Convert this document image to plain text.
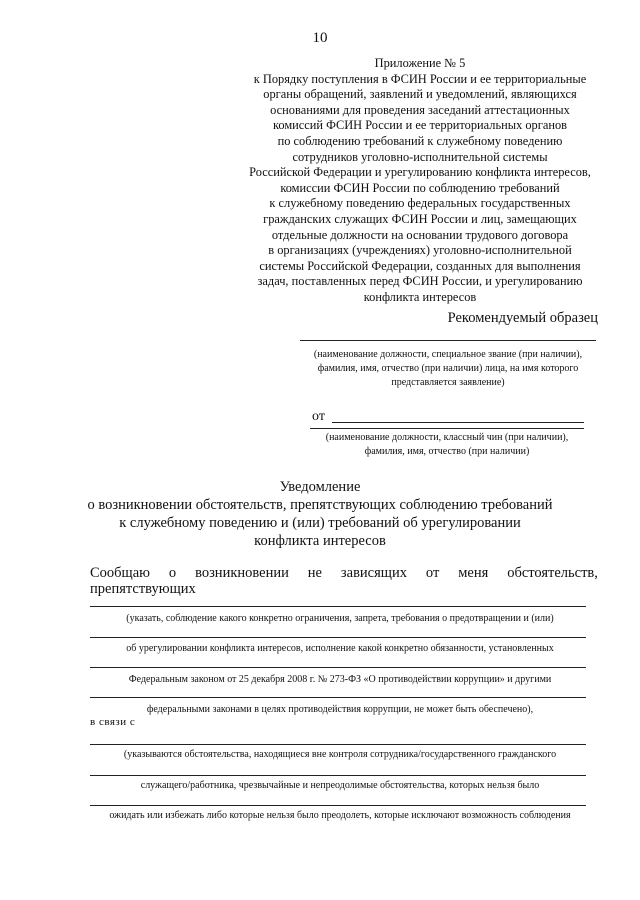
10
Приложение № 5
к Порядку поступления в ФСИН России и ее территориальные
органы обращений, заявлений и уведомлений, являющихся
основаниями для проведения заседаний аттестационных
комиссий ФСИН России и ее территориальных органов
по соблюдению требований к служебному поведению
сотрудников уголовно-исполнительной системы
Российской Федерации и урегулированию конфликта интересов,
комиссии ФСИН России по соблюдению требований
к служебному поведению федеральных государственных
гражданских служащих ФСИН России и лиц, замещающих
отдельные должности на основании трудового договора
в организациях (учреждениях) уголовно-исполнительной
системы Российской Федерации, созданных для выполнения
задач, поставленных перед ФСИН России, и урегулированию
конфликта интересов
Рекомендуемый образец
(наименование должности, специальное звание (при наличии),
фамилия, имя, отчество (при наличии) лица, на имя которого
представляется заявление)
от
(наименование должности, классный чин (при наличии),
фамилия, имя, отчество (при наличии)
Уведомление
о возникновении обстоятельств, препятствующих соблюдению требований
к служебному поведению и (или) требований об урегулировании
конфликта интересов
Сообщаю о возникновении не зависящих от меня обстоятельств,
препятствующих
(указать, соблюдение какого конкретно ограничения, запрета, требования о предотвращении и (или)
об урегулировании конфликта интересов, исполнение какой конкретно обязанности, установленных
Федеральным законом от 25 декабря 2008 г. № 273-ФЗ «О противодействии коррупции» и другими
федеральными законами в целях противодействия коррупции, не может быть обеспечено),
в связи с
(указываются обстоятельства, находящиеся вне контроля сотрудника/государственного гражданского
служащего/работника, чрезвычайные и непреодолимые обстоятельства, которых нельзя было
ожидать или избежать либо которые нельзя было преодолеть, которые исключают возможность соблюдения
